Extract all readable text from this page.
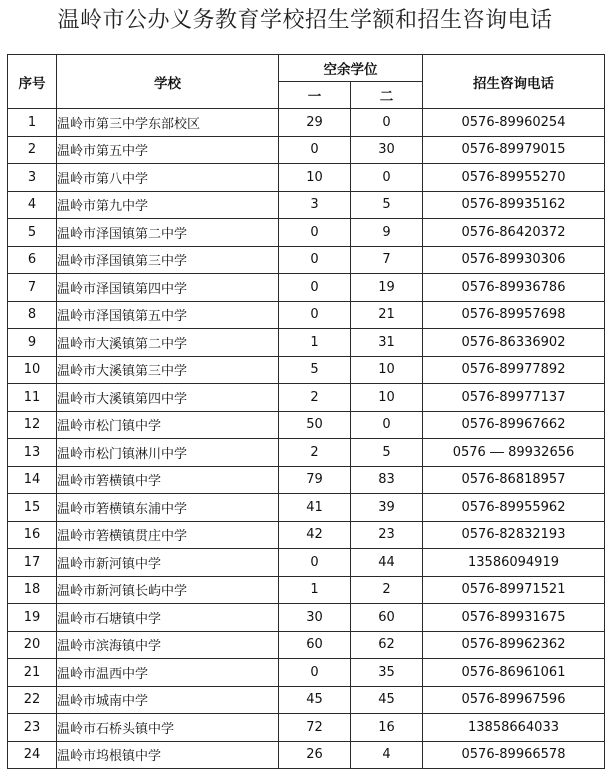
温岭市公办义务教育学校招生学额和招生咨询电话
序号	学校	空余学位		招生咨询电话
		一	二	
1	温岭市第三中学东部校区	29	0	0576-89960254
2	温岭市第五中学	0	30	0576-89979015
3	温岭市第八中学	10	0	0576-89955270
4	温岭市第九中学	3	5	0576-89935162
5	温岭市泽国镇第二中学	0	9	0576-86420372
6	温岭市泽国镇第三中学	0	7	0576-89930306
7	温岭市泽国镇第四中学	0	19	0576-89936786
8	温岭市泽国镇第五中学	0	21	0576-89957698
9	温岭市大溪镇第二中学	1	31	0576-86336902
10	温岭市大溪镇第三中学	5	10	0576-89977892
11	温岭市大溪镇第四中学	2	10	0576-89977137
12	温岭市松门镇中学	50	0	0576-89967662
13	温岭市松门镇淋川中学	2	5	0576 89932656
14	温岭市箬横镇中学	79	83	0576-86818957
15	温岭市箬横镇东浦中学	41	39	0576-89955962
16	温岭市箬横镇贯庄中学	42	23	0576-82832193
17	温岭市新河镇中学	0	44	13586094919
18	温岭市新河镇长屿中学	1	2	0576-89971521
19	温岭市石塘镇中学	30	60	0576-89931675
20	温岭市滨海镇中学	60	62	0576-89962362
21	温岭市温西中学	0	35	0576-86961061
22	温岭市城南中学	45	45	0576-89967596
23	温岭市石桥头镇中学	72	16	13858664033
24	温岭市坞根镇中学	26	4	0576-89966578
